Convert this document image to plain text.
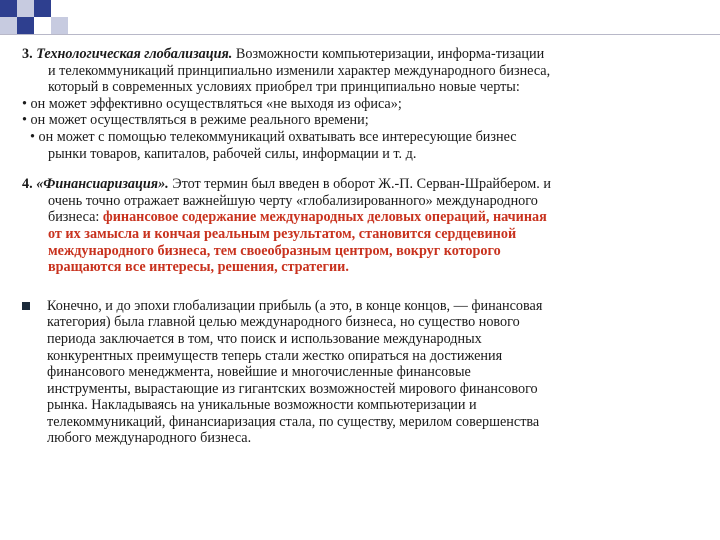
3. Технологическая глобализация. Возможности компьютеризации, информа-тизации
и телекоммуникаций принципиально изменили характер международного бизнеса,
который в современных условиях приобрел три принципиально новые черты:
• он может эффективно осуществляться «не выходя из офиса»;
• он может осуществляться в режиме реального времени;
• он может с помощью телекоммуникаций охватывать все интересующие бизнес
рынки товаров, капиталов, рабочей силы, информации и т. д.
4. «Финансиаризация». Этот термин был введен в оборот Ж.-П. Серван-Шрайбером. и
очень точно отражает важнейшую черту «глобализированного» международного
бизнеса: финансовое содержание международных деловых операций, начиная
от их замысла и кончая реальным результатом, становится сердцевиной
международного бизнеса, тем своеобразным центром, вокруг которого
вращаются все интересы, решения, стратегии.
Конечно, и до эпохи глобализации прибыль (а это, в конце концов, — финансовая
категория) была главной целью международного бизнеса, но существо нового
периода заключается в том, что поиск и использование международных
конкурентных преимуществ теперь стали жестко опираться на достижения
финансового менеджмента, новейшие и многочисленные финансовые
инструменты, вырастающие из гигантских возможностей мирового финансового
рынка. Накладываясь на уникальные возможности компьютеризации и
телекоммуникаций, финансиаризация стала, по существу, мерилом совершенства
любого международного бизнеса.
